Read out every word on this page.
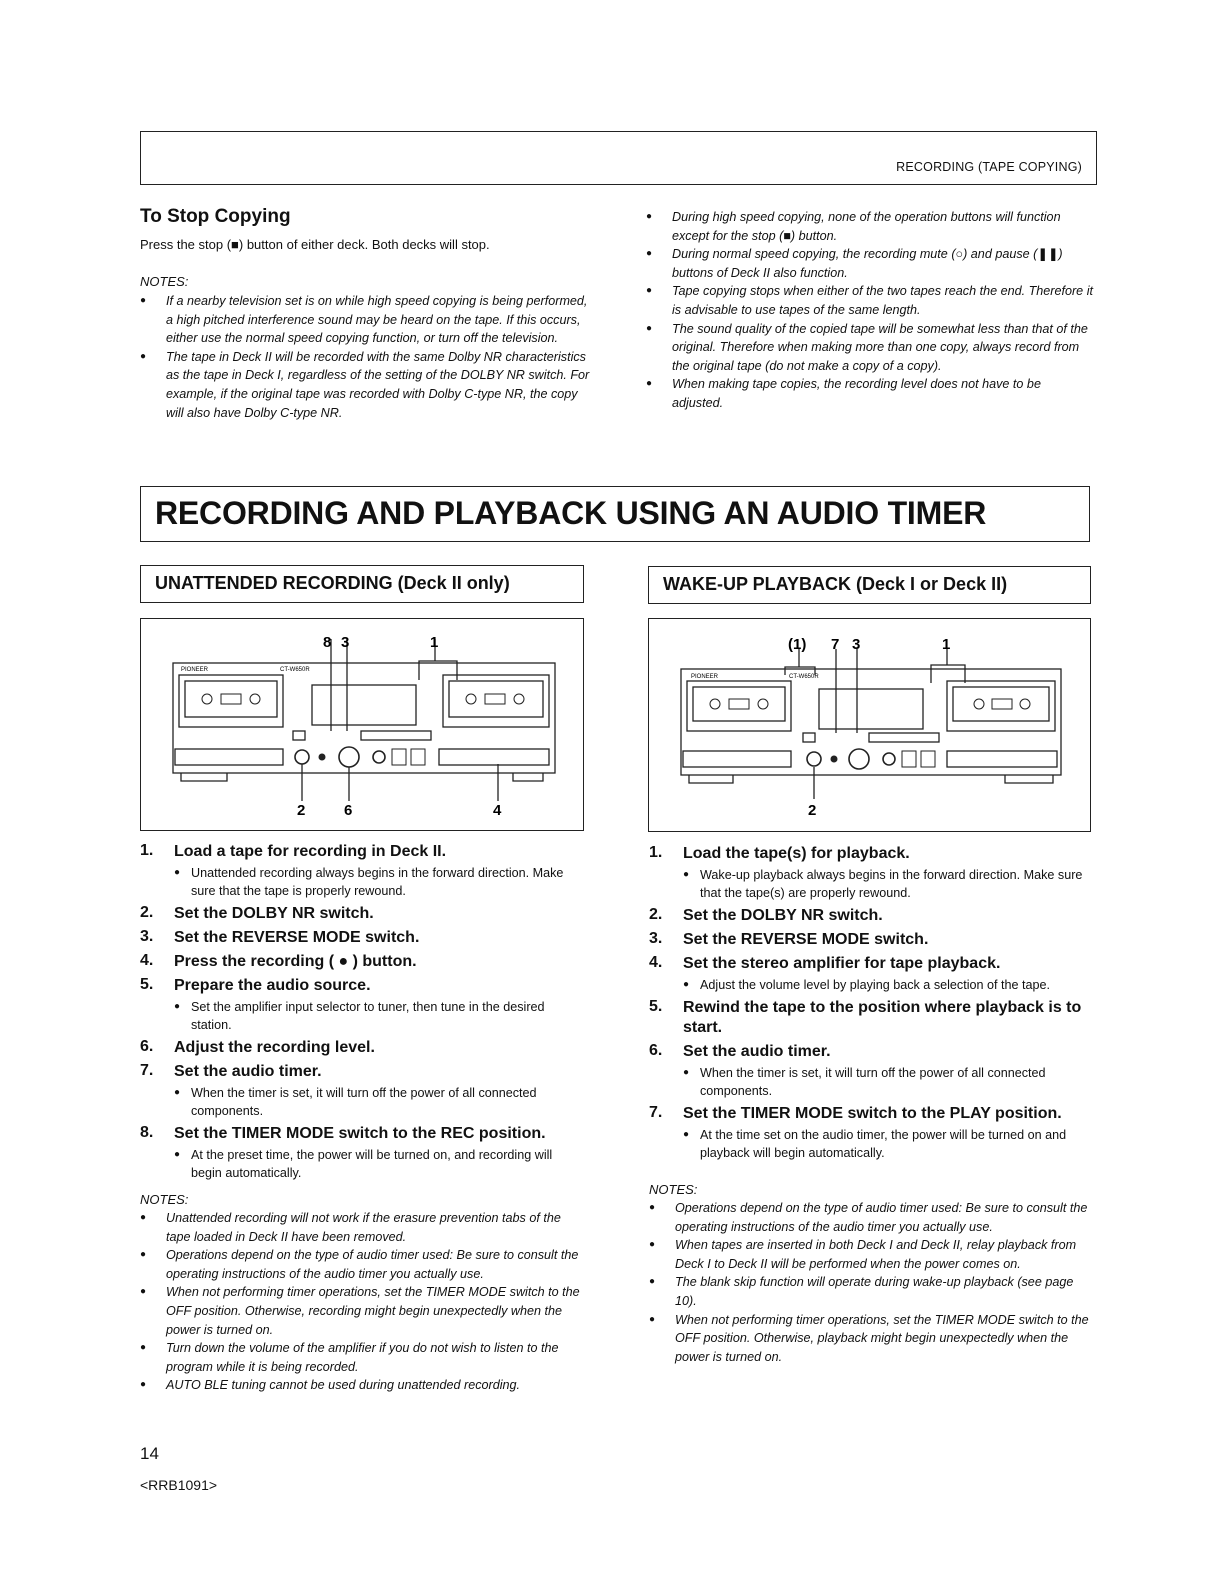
RECORDING (TAPE COPYING)
To Stop Copying
Press the stop (■) button of either deck. Both decks will stop.
NOTES:
● If a nearby television set is on while high speed copying is being performed, a high pitched interference sound may be heard on the tape. If this occurs, either use the normal speed copying function, or turn off the television.
● The tape in Deck II will be recorded with the same Dolby NR characteristics as the tape in Deck I, regardless of the setting of the DOLBY NR switch. For example, if the original tape was recorded with Dolby C-type NR, the copy will also have Dolby C-type NR.
● During high speed copying, none of the operation buttons will function except for the stop (■) button.
● During normal speed copying, the recording mute (○) and pause (❚❚) buttons of Deck II also function.
● Tape copying stops when either of the two tapes reach the end. Therefore it is advisable to use tapes of the same length.
● The sound quality of the copied tape will be somewhat less than that of the original. Therefore when making more than one copy, always record from the original tape (do not make a copy of a copy).
● When making tape copies, the recording level does not have to be adjusted.
RECORDING AND PLAYBACK USING AN AUDIO TIMER
UNATTENDED RECORDING (Deck II only)	WAKE-UP PLAYBACK (Deck I or Deck II)
PIONEER	CT-W650R
8 3	1
2	6	4
PIONEER	CT-W650R
(1) 7 3	1
2
1. Load a tape for recording in Deck II.
● Unattended recording always begins in the forward direction. Make sure that the tape is properly rewound.
2. Set the DOLBY NR switch.
3. Set the REVERSE MODE switch.
4. Press the recording ( ● ) button.
5. Prepare the audio source.
● Set the amplifier input selector to tuner, then tune in the desired station.
6. Adjust the recording level.
7. Set the audio timer.
● When the timer is set, it will turn off the power of all connected components.
8. Set the TIMER MODE switch to the REC position.
● At the preset time, the power will be turned on, and recording will begin automatically.
NOTES:
● Unattended recording will not work if the erasure prevention tabs of the tape loaded in Deck II have been removed.
● Operations depend on the type of audio timer used: Be sure to consult the operating instructions of the audio timer you actually use.
● When not performing timer operations, set the TIMER MODE switch to the OFF position. Otherwise, recording might begin unexpectedly when the power is turned on.
● Turn down the volume of the amplifier if you do not wish to listen to the program while it is being recorded.
● AUTO BLE tuning cannot be used during unattended recording.
1. Load the tape(s) for playback.
● Wake-up playback always begins in the forward direction. Make sure that the tape(s) are properly rewound.
2. Set the DOLBY NR switch.
3. Set the REVERSE MODE switch.
4. Set the stereo amplifier for tape playback.
● Adjust the volume level by playing back a selection of the tape.
5. Rewind the tape to the position where playback is to start.
6. Set the audio timer.
● When the timer is set, it will turn off the power of all connected components.
7. Set the TIMER MODE switch to the PLAY position.
● At the time set on the audio timer, the power will be turned on and playback will begin automatically.
NOTES:
● Operations depend on the type of audio timer used: Be sure to consult the operating instructions of the audio timer you actually use.
● When tapes are inserted in both Deck I and Deck II, relay playback from Deck I to Deck II will be performed when the power comes on.
● The blank skip function will operate during wake-up playback (see page 10).
● When not performing timer operations, set the TIMER MODE switch to the OFF position. Otherwise, playback might begin unexpectedly when the power is turned on.
14
<RRB1091>
